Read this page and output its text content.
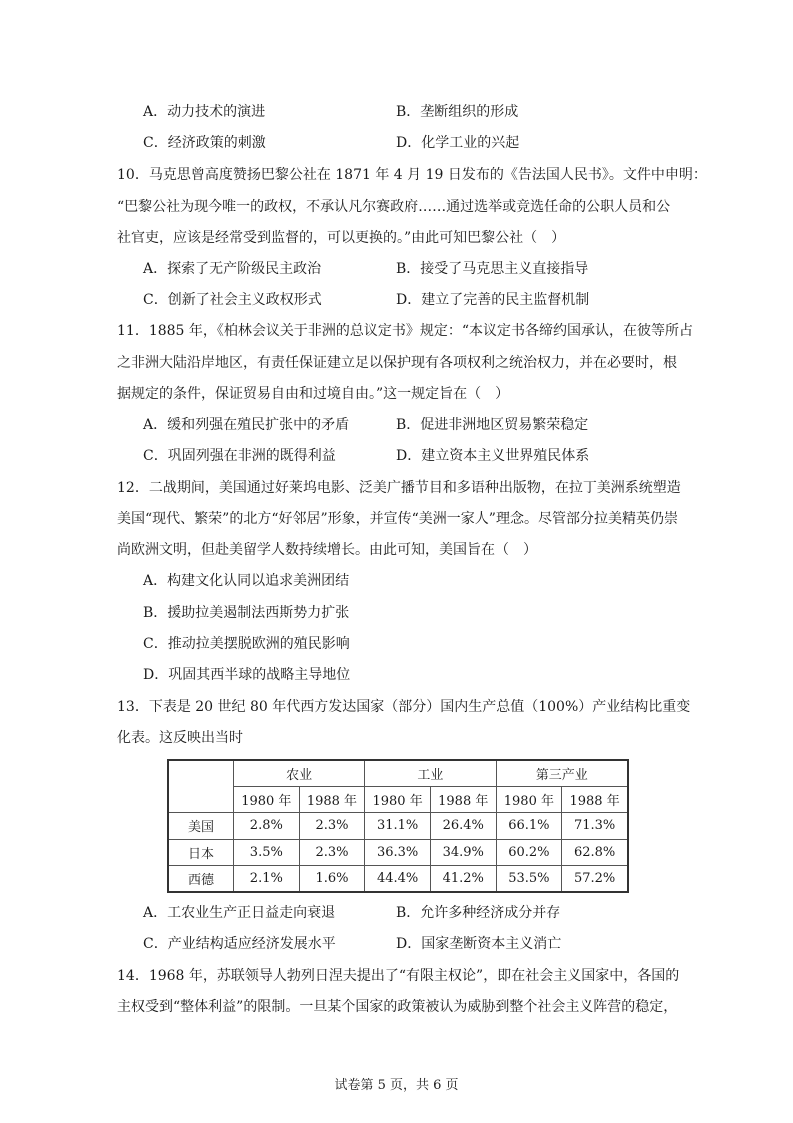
A．动力技术的演进	B．垄断组织的形成
C．经济政策的刺激	D．化学工业的兴起
10．马克思曾高度赞扬巴黎公社在 1871 年 4 月 19 日发布的《告法国人民书》。文件中申明：
“巴黎公社为现今唯一的政权，不承认凡尔赛政府……通过选举或竞选任命的公职人员和公
社官吏，应该是经常受到监督的，可以更换的。”由此可知巴黎公社（　）
A．探索了无产阶级民主政治	B．接受了马克思主义直接指导
C．创新了社会主义政权形式	D．建立了完善的民主监督机制
11．1885 年，《柏林会议关于非洲的总议定书》规定：“本议定书各缔约国承认，在彼等所占
之非洲大陆沿岸地区，有责任保证建立足以保护现有各项权利之统治权力，并在必要时，根
据规定的条件，保证贸易自由和过境自由。”这一规定旨在（　）
A．缓和列强在殖民扩张中的矛盾	B．促进非洲地区贸易繁荣稳定
C．巩固列强在非洲的既得利益	D．建立资本主义世界殖民体系
12．二战期间，美国通过好莱坞电影、泛美广播节目和多语种出版物，在拉丁美洲系统塑造
美国“现代、繁荣”的北方“好邻居”形象，并宣传“美洲一家人”理念。尽管部分拉美精英仍崇
尚欧洲文明，但赴美留学人数持续增长。由此可知，美国旨在（　）
A．构建文化认同以追求美洲团结
B．援助拉美遏制法西斯势力扩张
C．推动拉美摆脱欧洲的殖民影响
D．巩固其西半球的战略主导地位
13．下表是 20 世纪 80 年代西方发达国家（部分）国内生产总值（100%）产业结构比重变
化表。这反映出当时
	农业		工业		第三产业	
	1980 年	1988 年	1980 年	1988 年	1980 年	1988 年
美国	2.8%	2.3%	31.1%	26.4%	66.1%	71.3%
日本	3.5%	2.3%	36.3%	34.9%	60.2%	62.8%
西德	2.1%	1.6%	44.4%	41.2%	53.5%	57.2%
A．工农业生产正日益走向衰退	B．允许多种经济成分并存
C．产业结构适应经济发展水平	D．国家垄断资本主义消亡
14．1968 年，苏联领导人勃列日涅夫提出了“有限主权论”，即在社会主义国家中，各国的
主权受到“整体利益”的限制。一旦某个国家的政策被认为威胁到整个社会主义阵营的稳定，
试卷第 5 页，共 6 页
